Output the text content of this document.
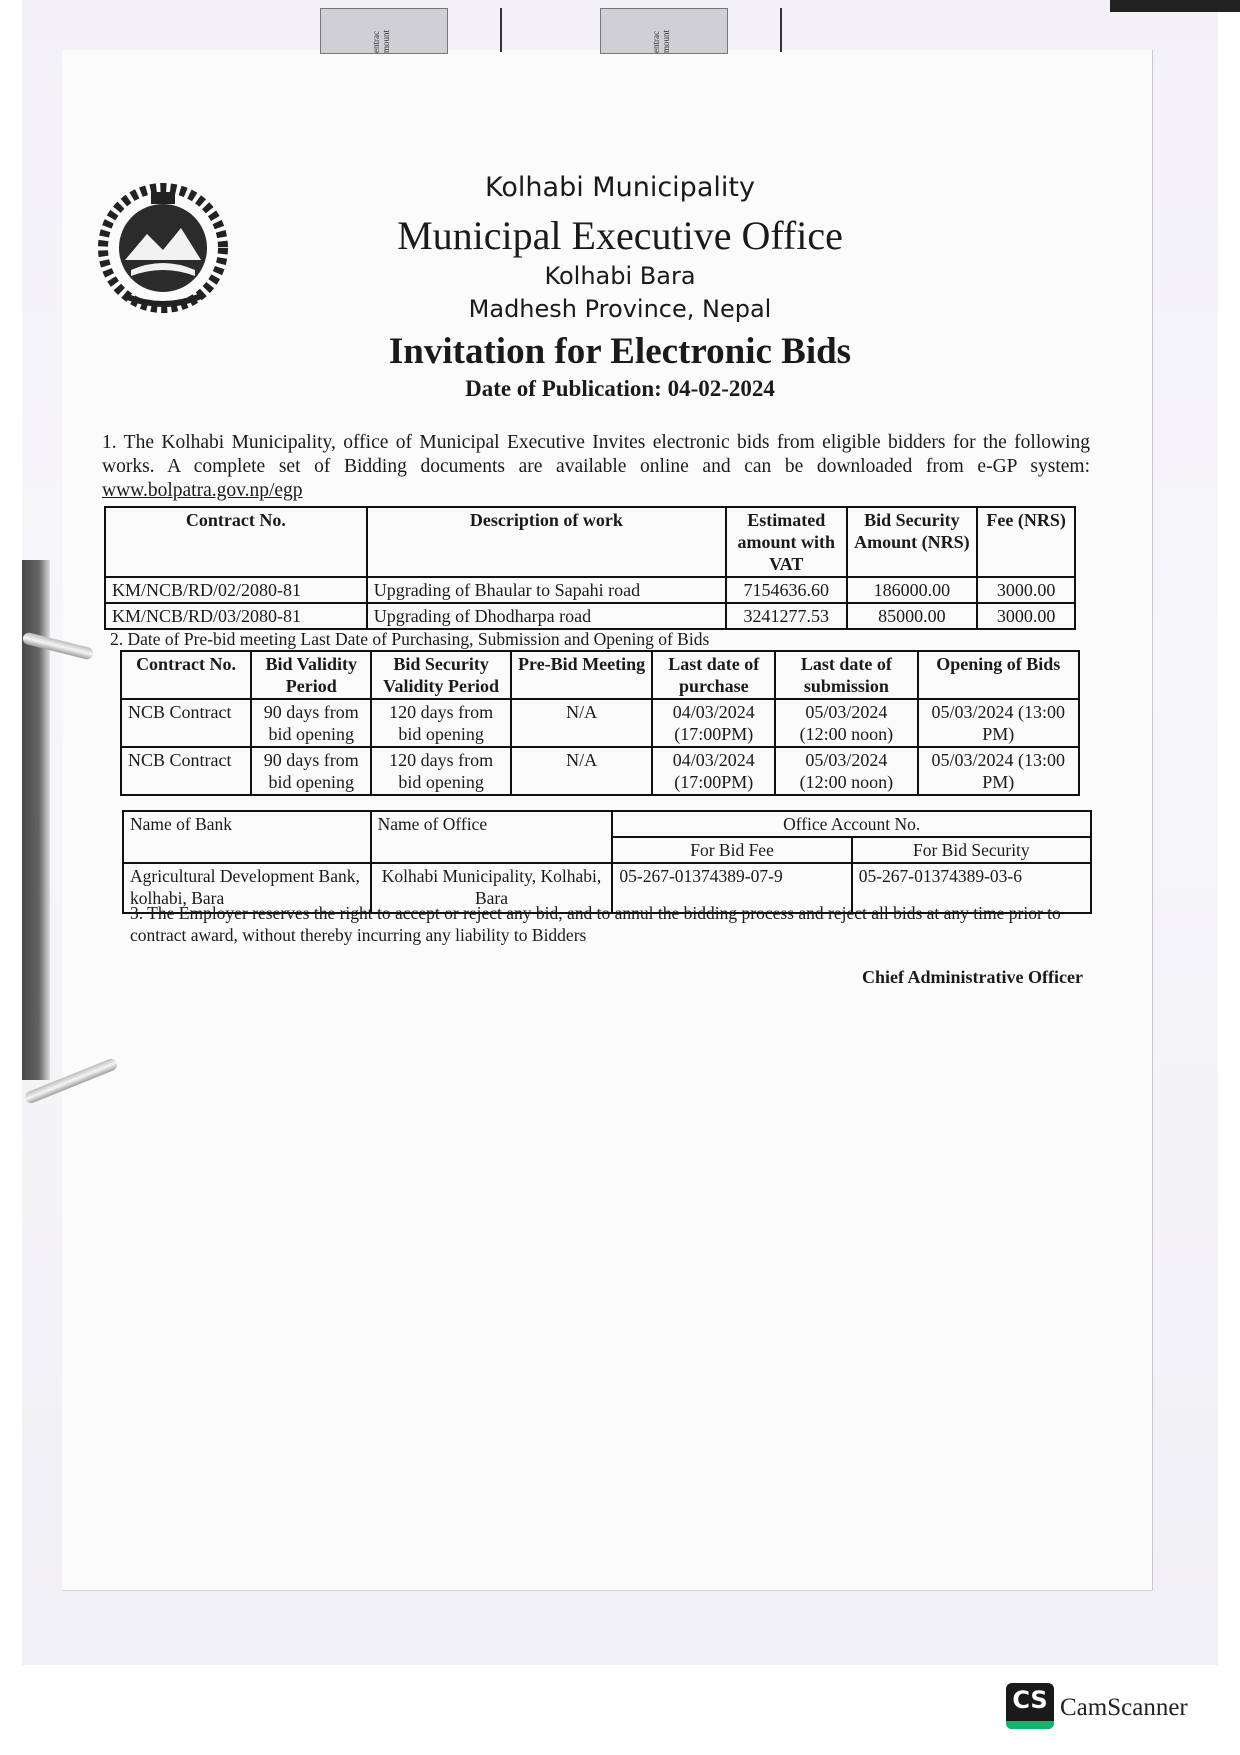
entrac mount	entrac mount
Kolhabi Municipality
Municipal Executive Office
Kolhabi Bara
Madhesh Province, Nepal
Invitation for Electronic Bids
Date of Publication: 04-02-2024
1. The Kolhabi Municipality, office of Municipal Executive Invites electronic bids from eligible bidders for the following works. A complete set of Bidding documents are available online and can be downloaded from e-GP system: www.bolpatra.gov.np/egp
Contract No.	Description of work	Estimated amount with VAT	Bid Security Amount (NRS)	Fee (NRS)
KM/NCB/RD/02/2080-81	Upgrading of Bhaular to Sapahi road	7154636.60	186000.00	3000.00
KM/NCB/RD/03/2080-81	Upgrading of Dhodharpa road	3241277.53	85000.00	3000.00
2. Date of Pre-bid meeting Last Date of Purchasing, Submission and Opening of Bids
Contract No.	Bid Validity Period	Bid Security Validity Period	Pre-Bid Meeting	Last date of purchase	Last date of submission	Opening of Bids
NCB Contract	90 days from bid opening	120 days from bid opening	N/A	04/03/2024 (17:00PM)	05/03/2024 (12:00 noon)	05/03/2024 (13:00 PM)
NCB Contract	90 days from bid opening	120 days from bid opening	N/A	04/03/2024 (17:00PM)	05/03/2024 (12:00 noon)	05/03/2024 (13:00 PM)
Name of Bank	Name of Office	Office Account No.	
		For Bid Fee	For Bid Security
Agricultural Development Bank, kolhabi, Bara	Kolhabi Municipality, Kolhabi, Bara	05-267-01374389-07-9	05-267-01374389-03-6
3. The Employer reserves the right to accept or reject any bid, and to annul the bidding process and reject all bids at any time prior to contract award, without thereby incurring any liability to Bidders
Chief Administrative Officer
CS CamScanner
